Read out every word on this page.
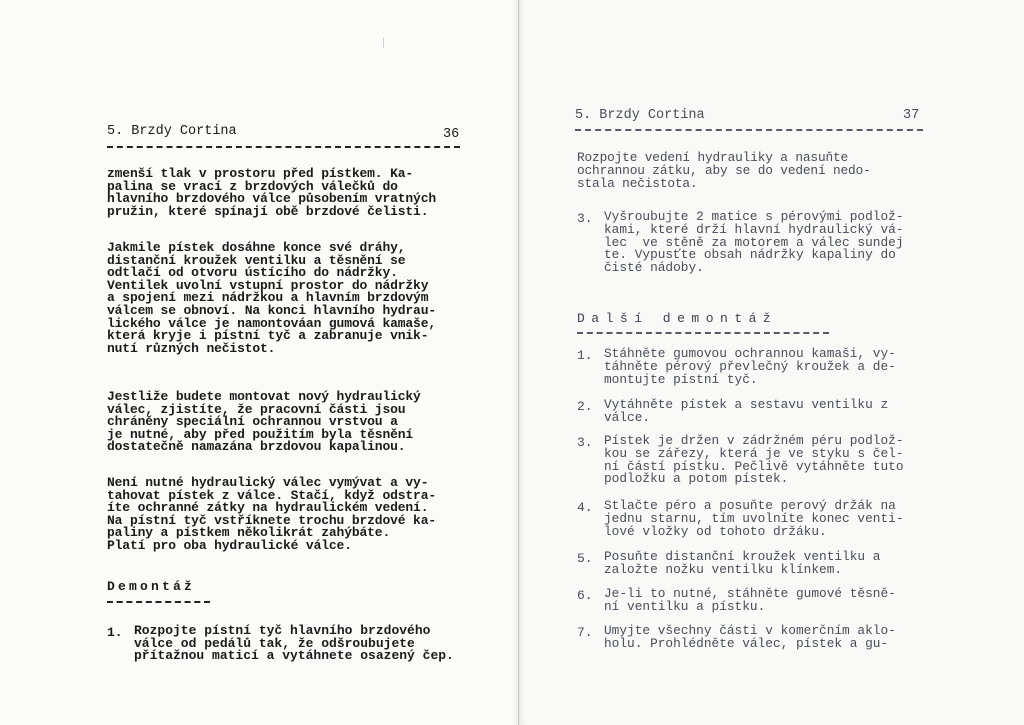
5. Brzdy Cortina	36
zmenší tlak v prostoru před pístkem. Ka-
palina se vrací z brzdových válečků do
hlavního brzdového válce působením vratných
pružin, které spínají obě brzdové čelisti.
Jakmile pístek dosáhne konce své dráhy,
distanční kroužek ventilku a těsnění se
odtlačí od otvoru ústícího do nádržky.
Ventilek uvolní vstupní prostor do nádržky
a spojení mezi nádržkou a hlavním brzdovým
válcem se obnoví. Na konci hlavního hydrau-
lického válce je namontováan gumová kamaše,
která kryje i pístní tyč a zabranuje vnik-
nutí různých nečistot.
Jestliže budete montovat nový hydraulický
válec, zjistíte, že pracovní části jsou
chráněny speciální ochrannou vrstvou a
je nutné, aby před použitím byla těsnění
dostatečně namazána brzdovou kapalinou.
Není nutné hydraulický válec vymývat a vy-
tahovat pístek z válce. Stačí, když odstra-
íte ochranné zátky na hydraulickém vedení.
Na pístní tyč vstříknete trochu brzdové ka-
paliny a pístkem několikrát zahýbáte.
Platí pro oba hydraulické válce.
Demontáž
1. Rozpojte pístní tyč hlavního brzdového
válce od pedálů tak, že odšroubujete
přítažnou maticí a vytáhnete osazený čep.
5. Brzdy Cortina	37
Rozpojte vedení hydrauliky a nasuňte
ochrannou zátku, aby se do vedení nedo-
stala nečistota.
3. Vyšroubujte 2 matice s pérovými podlož-
kami, které drží hlavní hydraulický vá-
lec  ve stěně za motorem a válec sundej
te. Vypusťte obsah nádržky kapaliny do
čisté nádoby.
Další demontáž
1. Stáhněte gumovou ochrannou kamaši, vy-
táhněte pérový převlečný kroužek a de-
montujte pístní tyč.
2. Vytáhněte pístek a sestavu ventilku z
válce.
3. Pístek je držen v zádržném péru podlož-
kou se zářezy, která je ve styku s čel-
ní částí pístku. Pečlivě vytáhněte tuto
podložku a potom pístek.
4. Stlačte péro a posuňte perový držák na
jednu starnu, tím uvolníte konec venti-
lové vložky od tohoto držáku.
5. Posuňte distanční kroužek ventilku a
založte nožku ventilku klínkem.
6. Je-li to nutné, stáhněte gumové těsně-
ní ventilku a pístku.
7. Umyjte všechny části v komerčním aklo-
holu. Prohlédněte válec, pístek a gu-
